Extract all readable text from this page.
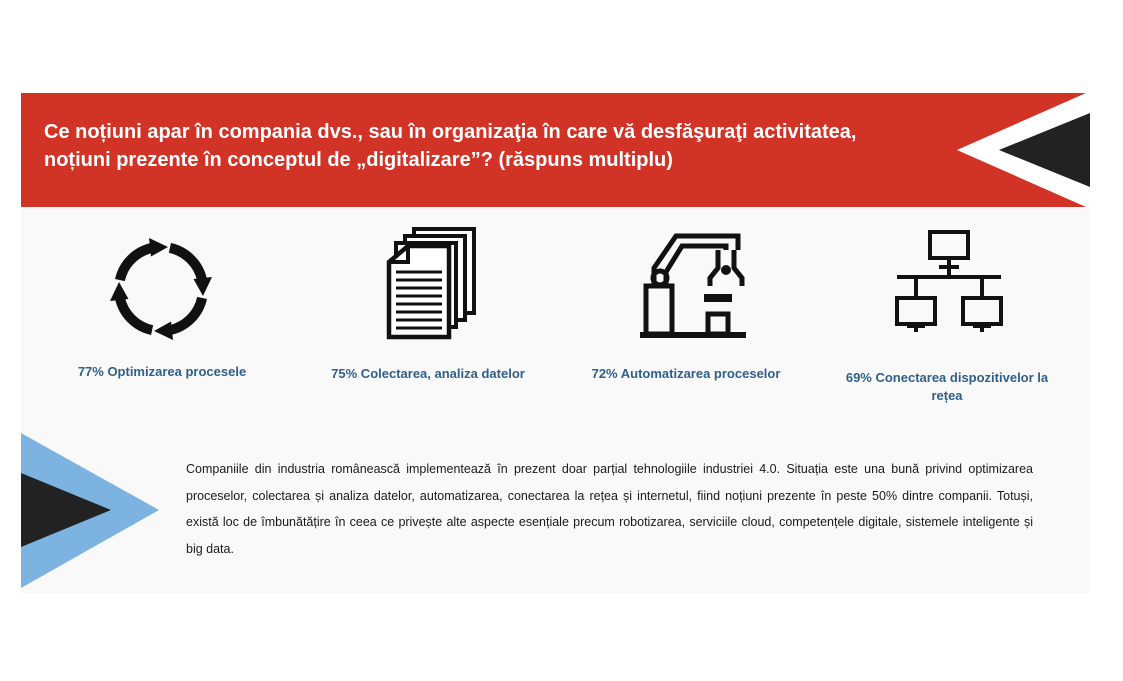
Ce noțiuni apar în compania dvs., sau în organizaţia în care vă desfăşuraţi activitatea, noțiuni prezente în conceptul de „digitalizare”? (răspuns multiplu)

77% Optimizarea procesele	75% Colectarea, analiza datelor	72% Automatizarea proceselor	69% Conectarea dispozitivelor la rețea

Companiile din industria românească implementează în prezent doar parțial tehnologiile industriei 4.0. Situația este una bună privind optimizarea proceselor, colectarea și analiza datelor, automatizarea, conectarea la rețea și internetul, fiind noțiuni prezente în peste 50% dintre companii. Totuși, există loc de îmbunătățire în ceea ce privește alte aspecte esențiale precum robotizarea, serviciile cloud, competențele digitale, sistemele inteligente și big data.
